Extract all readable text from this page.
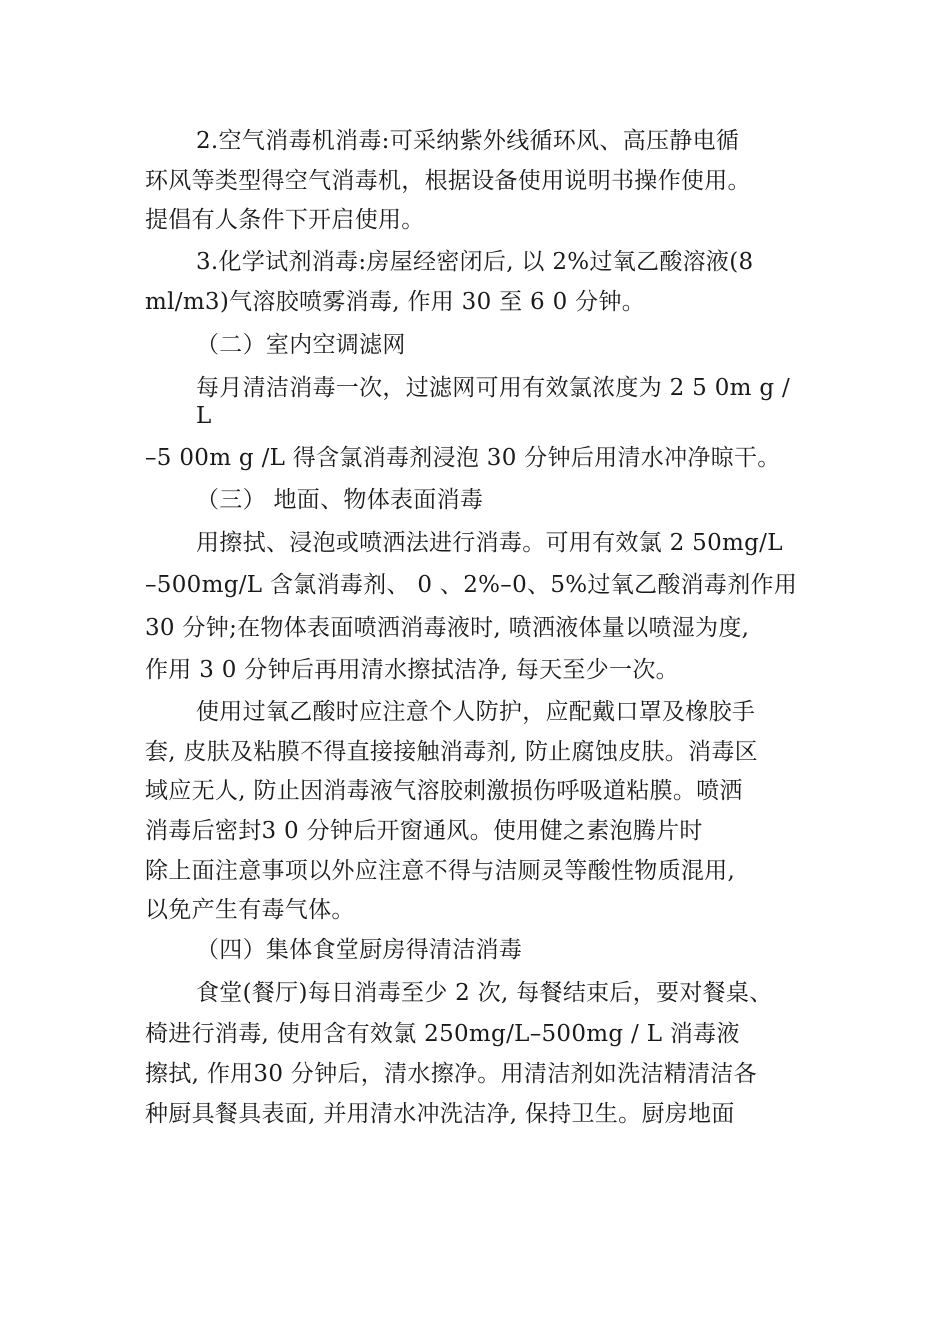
2.空气消毒机消毒:可采纳紫外线循环风、高压静电循
环风等类型得空气消毒机，根据设备使用说明书操作使用。
提倡有人条件下开启使用。
3.化学试剂消毒:房屋经密闭后, 以 2%过氧乙酸溶液(8
ml/m3)气溶胶喷雾消毒, 作用 30 至 6 0 分钟。
（二）室内空调滤网
每月清洁消毒一次，过滤网可用有效氯浓度为 2 5 0m g /
L
–5 00m g /L 得含氯消毒剂浸泡 30 分钟后用清水冲净晾干。
（三） 地面、物体表面消毒
用擦拭、浸泡或喷洒法进行消毒。可用有效氯 2 50mg/L
–500mg/L 含氯消毒剂、 0 、2%–0、5%过氧乙酸消毒剂作用
30 分钟;在物体表面喷洒消毒液时, 喷洒液体量以喷湿为度,
作用 3 0 分钟后再用清水擦拭洁净, 每天至少一次。
使用过氧乙酸时应注意个人防护，应配戴口罩及橡胶手
套, 皮肤及粘膜不得直接接触消毒剂, 防止腐蚀皮肤。消毒区
域应无人, 防止因消毒液气溶胶刺激损伤呼吸道粘膜。喷洒
消毒后密封3 0 分钟后开窗通风。使用健之素泡腾片时
除上面注意事项以外应注意不得与洁厕灵等酸性物质混用,
以免产生有毒气体。
（四）集体食堂厨房得清洁消毒
食堂(餐厅)每日消毒至少 2 次, 每餐结束后，要对餐桌、
椅进行消毒, 使用含有效氯 250mg/L–500mg / L 消毒液
擦拭, 作用30 分钟后，清水擦净。用清洁剂如洗洁精清洁各
种厨具餐具表面, 并用清水冲洗洁净, 保持卫生。厨房地面
